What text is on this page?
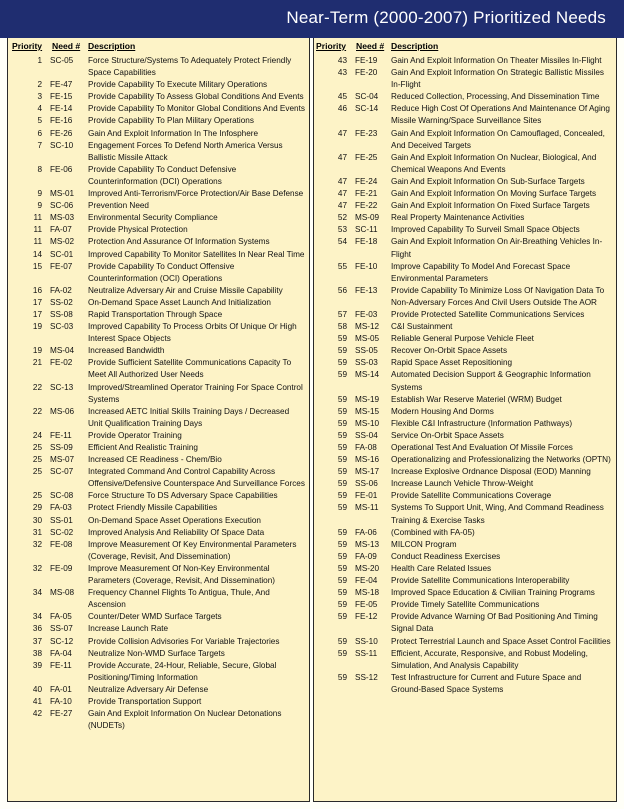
Near-Term (2000-2007) Prioritized Needs
Priority Need # Description
1 SC-05	Force Structure/Systems To Adequately Protect Friendly Space Capabilities
2 FE-47	Provide Capability To Execute Military Operations
3 FE-15	Provide Capability To Assess Global Conditions And Events
4 FE-14	Provide Capability To Monitor Global Conditions And Events
5 FE-16	Provide Capability To Plan Military Operations
6 FE-26	Gain And Exploit Information In The Infosphere
7 SC-10	Engagement Forces To Defend North America Versus Ballistic Missile Attack
8 FE-06	Provide Capability To Conduct Defensive Counterinformation (DCI) Operations
9 MS-01	Improved Anti-Terrorism/Force Protection/Air Base Defense
9 SC-06	Prevention Need
11 MS-03	Environmental Security Compliance
11 FA-07	Provide Physical Protection
11 MS-02	Protection And Assurance Of Information Systems
14 SC-01	Improved Capability To Monitor Satellites In Near Real Time
15 FE-07	Provide Capability To Conduct Offensive Counterinformation (OCI) Operations
16 FA-02	Neutralize Adversary Air and Cruise Missile Capability
17 SS-02	On-Demand Space Asset Launch And Initialization
17 SS-08	Rapid Transportation Through Space
19 SC-03	Improved Capability To Process Orbits Of Unique Or High Interest Space Objects
19 MS-04	Increased Bandwidth
21 FE-02	Provide Sufficient Satellite Communications Capacity To Meet All Authorized User Needs
22 SC-13	Improved/Streamlined Operator Training For Space Control Systems
22 MS-06	Increased AETC Initial Skills Training Days / Decreased Unit Qualification Training Days
24 FE-11	Provide Operator Training
25 SS-09	Efficient And Realistic Training
25 MS-07	Increased CE Readiness - Chem/Bio
25 SC-07	Integrated Command And Control Capability Across Offensive/Defensive Counterspace And Surveillance Forces
25 SC-08	Force Structure To DS Adversary Space Capabilities
29 FA-03	Protect Friendly Missile Capabilities
30 SS-01	On-Demand Space Asset Operations Execution
31 SC-02	Improved Analysis And Reliability Of Space Data
32 FE-08	Improve Measurement Of Key Environmental Parameters (Coverage, Revisit, And Dissemination)
32 FE-09	Improve Measurement Of Non-Key Environmental Parameters (Coverage, Revisit, And Dissemination)
34 MS-08	Frequency Channel Flights To Antigua, Thule, And Ascension
34 FA-05	Counter/Deter WMD Surface Targets
36 SS-07	Increase Launch Rate
37 SC-12	Provide Collision Advisories For Variable Trajectories
38 FA-04	Neutralize Non-WMD Surface Targets
39 FE-11	Provide Accurate, 24-Hour, Reliable, Secure, Global Positioning/Timing Information
40 FA-01	Neutralize Adversary Air Defense
41 FA-10	Provide Transportation Support
42 FE-27	Gain And Exploit Information On Nuclear Detonations (NUDETs)
Priority Need # Description
43 FE-19	Gain And Exploit Information On Theater Missiles In-Flight
43 FE-20	Gain And Exploit Information On Strategic Ballistic Missiles In-Flight
45 SC-04	Reduced Collection, Processing, And Dissemination Time
46 SC-14	Reduce High Cost Of Operations And Maintenance Of Aging Missile Warning/Space Surveillance Sites
47 FE-23	Gain And Exploit Information On Camouflaged, Concealed, And Deceived Targets
47 FE-25	Gain And Exploit Information On Nuclear, Biological, And Chemical Weapons And Events
47 FE-24	Gain And Exploit Information On Sub-Surface Targets
47 FE-21	Gain And Exploit Information On Moving Surface Targets
47 FE-22	Gain And Exploit Information On Fixed Surface Targets
52 MS-09	Real Property Maintenance Activities
53 SC-11	Improved Capability To Surveil Small Space Objects
54 FE-18	Gain And Exploit Information On Air-Breathing Vehicles In-Flight
55 FE-10	Improve Capability To Model And Forecast Space Environmental Parameters
56 FE-13	Provide Capability To Minimize Loss Of Navigation Data To Non-Adversary Forces And Civil Users Outside The AOR
57 FE-03	Provide Protected Satellite Communications Services
58 MS-12	C&I Sustainment
59 MS-05	Reliable General Purpose Vehicle Fleet
59 SS-05	Recover On-Orbit Space Assets
59 SS-03	Rapid Space Asset Repositioning
59 MS-14	Automated Decision Support & Geographic Information Systems
59 MS-19	Establish War Reserve Materiel (WRM) Budget
59 MS-15	Modern Housing And Dorms
59 MS-10	Flexible C&I Infrastructure (Information Pathways)
59 SS-04	Service On-Orbit Space Assets
59 FA-08	Operational Test And Evaluation Of Missile Forces
59 MS-16	Operationalizing and Professionalizing the Networks (OPTN)
59 MS-17	Increase Explosive Ordnance Disposal (EOD) Manning
59 SS-06	Increase Launch Vehicle Throw-Weight
59 FE-01	Provide Satellite Communications Coverage
59 MS-11	Systems To Support Unit, Wing, And Command Readiness Training & Exercise Tasks
59 FA-06	(Combined with FA-05)
59 MS-13	MILCON Program
59 FA-09	Conduct Readiness Exercises
59 MS-20	Health Care Related Issues
59 FE-04	Provide Satellite Communications Interoperability
59 MS-18	Improved Space Education & Civilian Training Programs
59 FE-05	Provide Timely Satellite Communications
59 FE-12	Provide Advance Warning Of Bad Positioning And Timing Signal Data
59 SS-10	Protect Terrestrial Launch and Space Asset Control Facilities
59 SS-11	Efficient, Accurate, Responsive, and Robust Modeling, Simulation, And Analysis Capability
59 SS-12	Test Infrastructure for Current and Future Space and Ground-Based Space Systems
